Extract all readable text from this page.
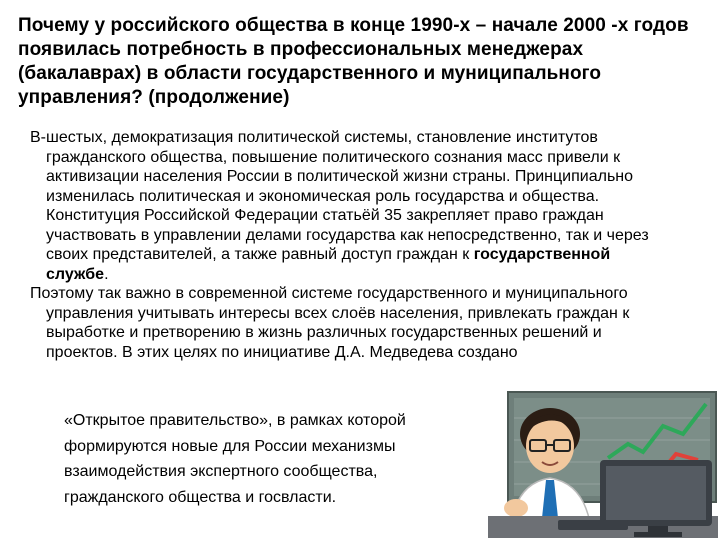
Почему у российского общества в конце 1990-х – начале 2000 -х годов появилась потребность в профессиональных менеджерах (бакалаврах) в области государственного и муниципального управления? (продолжение)

В-шестых, демократизация политической системы, становление институтов гражданского общества, повышение политического сознания масс привели к активизации населения России в политической жизни страны. Принципиально изменилась политическая и экономическая роль государства и общества. Конституция Российской Федерации статьёй 35 закрепляет право граждан участвовать в управлении делами государства как непосредственно, так и через своих представителей, а также равный доступ граждан к государственной службе.

Поэтому так важно в современной системе государственного и муниципального управления учитывать интересы всех слоёв населения, привлекать граждан к выработке и претворению в жизнь различных государственных решений и проектов. В этих целях по инициативе Д.А. Медведева создано

«Открытое правительство», в рамках которой
формируются новые для России механизмы
взаимодействия экспертного сообщества,
гражданского общества и госвласти.
